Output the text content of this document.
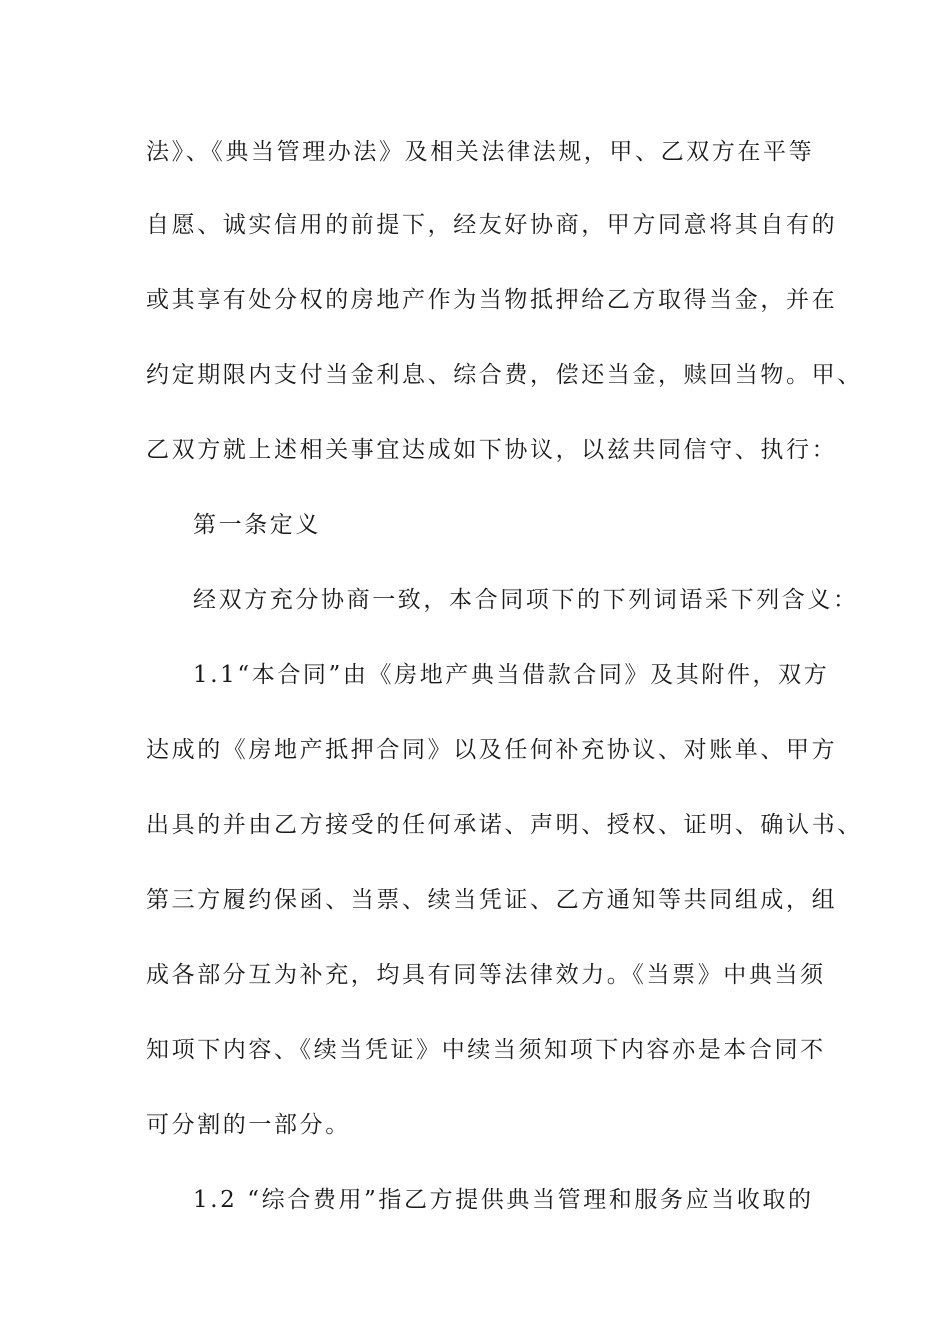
法》、《典当管理办法》及相关法律法规，甲、乙双方在平等
自愿、诚实信用的前提下，经友好协商，甲方同意将其自有的
或其享有处分权的房地产作为当物抵押给乙方取得当金，并在
约定期限内支付当金利息、综合费，偿还当金，赎回当物。甲、
乙双方就上述相关事宜达成如下协议，以兹共同信守、执行：
第一条定义
经双方充分协商一致，本合同项下的下列词语采下列含义：
1.1“本合同”由《房地产典当借款合同》及其附件，双方
达成的《房地产抵押合同》以及任何补充协议、对账单、甲方
出具的并由乙方接受的任何承诺、声明、授权、证明、确认书、
第三方履约保函、当票、续当凭证、乙方通知等共同组成，组
成各部分互为补充，均具有同等法律效力。《当票》中典当须
知项下内容、《续当凭证》中续当须知项下内容亦是本合同不
可分割的一部分。
1.2 “综合费用”指乙方提供典当管理和服务应当收取的
